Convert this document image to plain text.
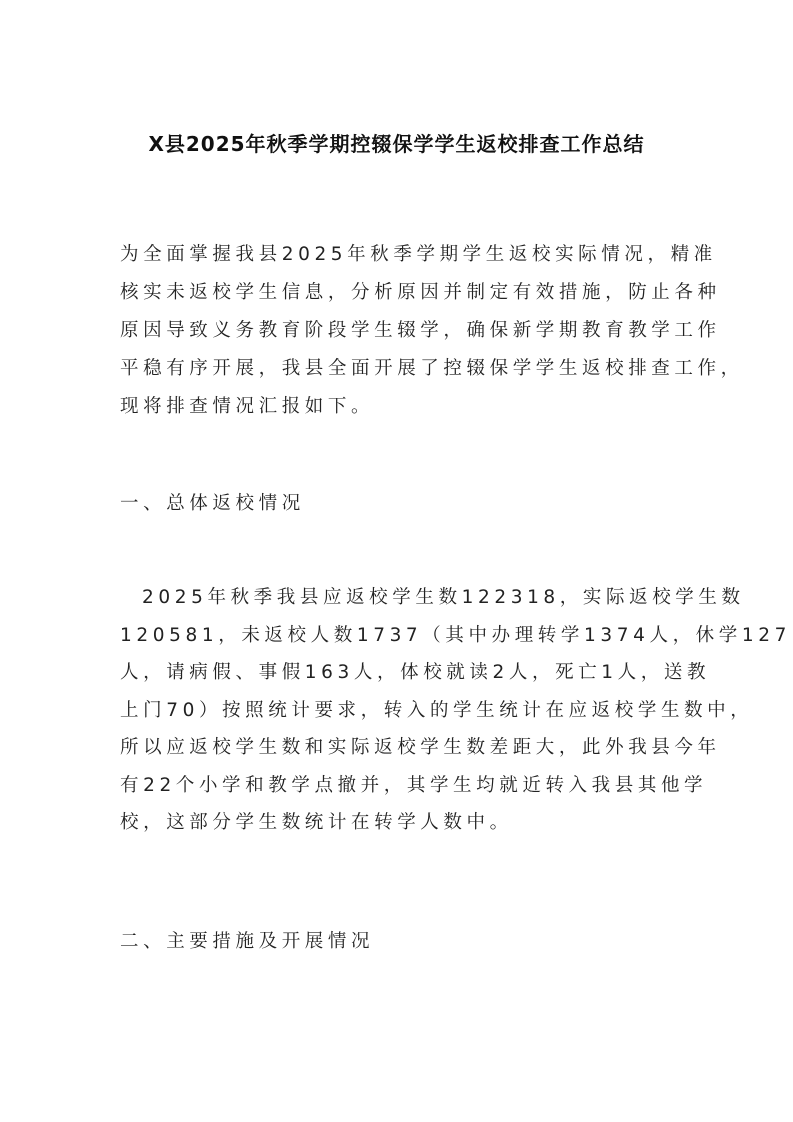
X县2025年秋季学期控辍保学学生返校排查工作总结
为全面掌握我县2025年秋季学期学生返校实际情况，精准
核实未返校学生信息，分析原因并制定有效措施，防止各种
原因导致义务教育阶段学生辍学，确保新学期教育教学工作
平稳有序开展，我县全面开展了控辍保学学生返校排查工作，
现将排查情况汇报如下。
一、总体返校情况
2025年秋季我县应返校学生数122318，实际返校学生数
120581，未返校人数1737（其中办理转学1374人，休学127
人，请病假、事假163人，体校就读2人，死亡1人，送教
上门70）按照统计要求，转入的学生统计在应返校学生数中，
所以应返校学生数和实际返校学生数差距大，此外我县今年
有22个小学和教学点撤并，其学生均就近转入我县其他学
校，这部分学生数统计在转学人数中。
二、主要措施及开展情况
